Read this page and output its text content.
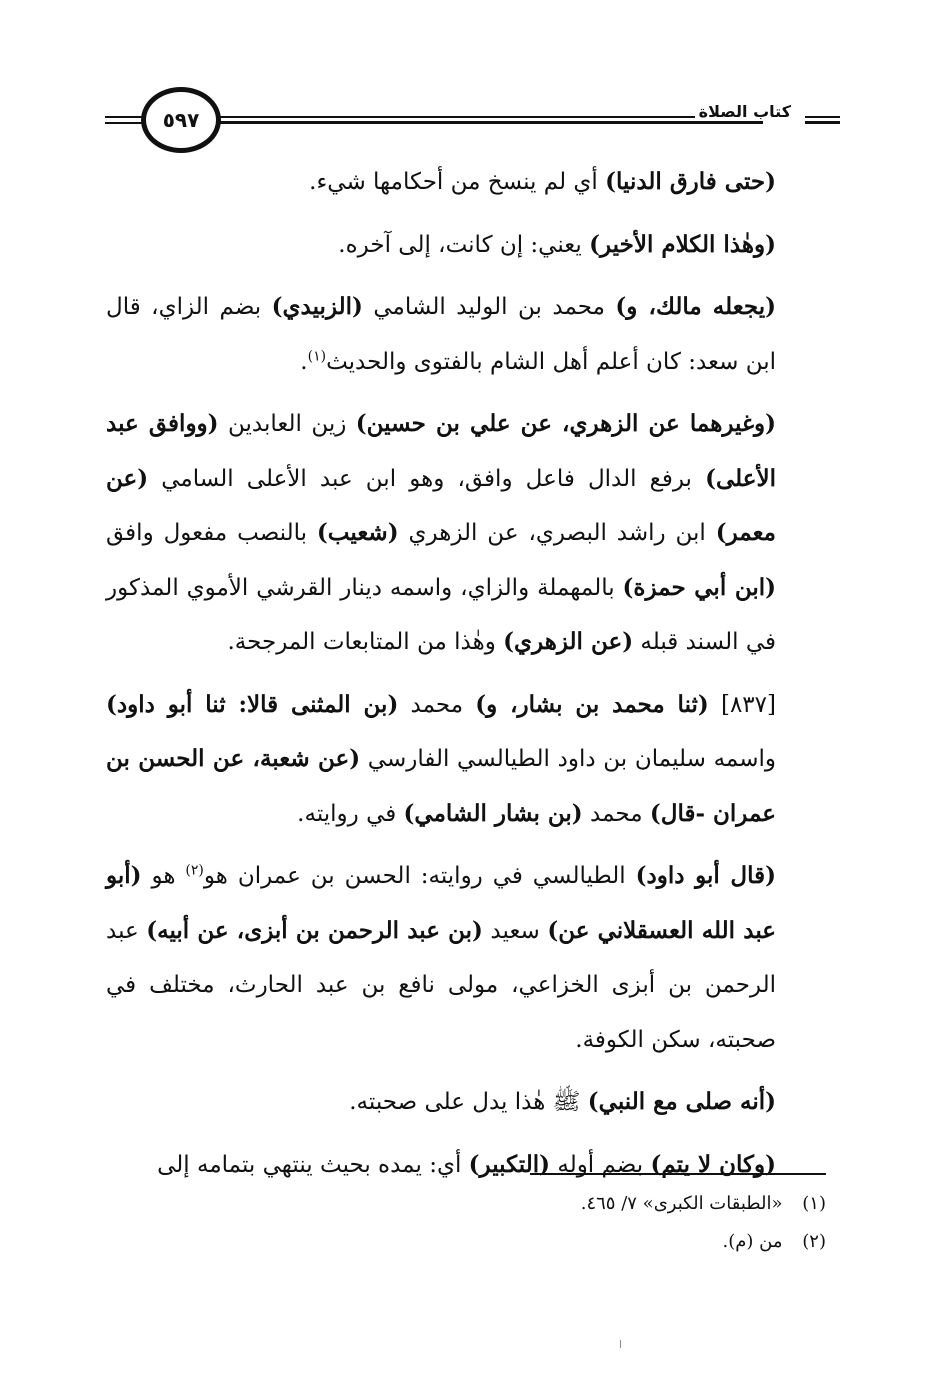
٥٩٧	كتاب الصلاة

(حتى فارق الدنيا) أي لم ينسخ من أحكامها شيء.

(وهٰذا الكلام الأخير) يعني: إن كانت، إلى آخره.

(يجعله مالك، و) محمد بن الوليد الشامي (الزبيدي) بضم الزاي، قال ابن سعد: كان أعلم أهل الشام بالفتوى والحديث$^{(١)}$.

(وغيرهما عن الزهري، عن علي بن حسين) زين العابدين (ووافق عبد الأعلى) برفع الدال فاعل وافق، وهو ابن عبد الأعلى السامي (عن معمر) ابن راشد البصري، عن الزهري (شعيب) بالنصب مفعول وافق (ابن أبي حمزة) بالمهملة والزاي، واسمه دينار القرشي الأموي المذكور في السند قبله (عن الزهري) وهٰذا من المتابعات المرجحة.

[٨٣٧] (ثنا محمد بن بشار، و) محمد (بن المثنى قالا: ثنا أبو داود) واسمه سليمان بن داود الطيالسي الفارسي (عن شعبة، عن الحسن بن عمران -قال) محمد (بن بشار الشامي) في روايته.

(قال أبو داود) الطيالسي في روايته: الحسن بن عمران هو$^{(٢)}$ هو (أبو عبد الله العسقلاني عن) سعيد (بن عبد الرحمن بن أبزى، عن أبيه) عبد الرحمن بن أبزى الخزاعي، مولى نافع بن عبد الحارث، مختلف في صحبته، سكن الكوفة.

(أنه صلى مع النبي) ﷺ هٰذا يدل على صحبته.

(وكان لا يتم) بضم أوله (التكبير) أي: يمده بحيث ينتهي بتمامه إلى

(١) «الطبقات الكبرى» ٧/ ٤٦٥.
(٢) من (م).
